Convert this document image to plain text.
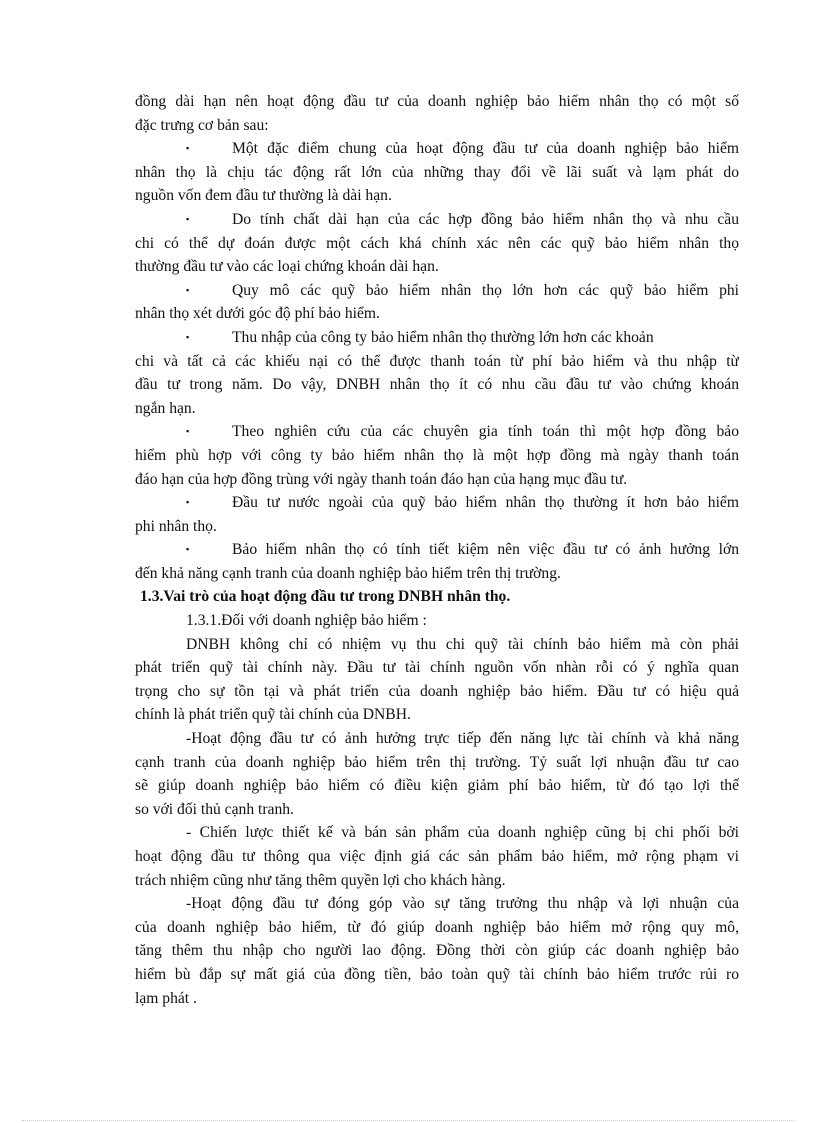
đồng dài hạn nên hoạt động đầu tư của doanh nghiệp bảo hiểm nhân thọ có một số
đặc trưng cơ bản sau:
▪	Một đặc điểm chung của hoạt động đầu tư của doanh nghiệp bảo hiểm
nhân thọ là chịu tác động rất lớn của những thay đổi về lãi suất và lạm phát do
nguồn vốn đem đầu tư thường là dài hạn.
▪	Do tính chất dài hạn của các hợp đồng bảo hiểm nhân thọ và nhu cầu
chi có thể dự đoán được một cách khá chính xác nên các quỹ bảo hiểm nhân thọ
thường đầu tư vào các loại chứng khoán dài hạn.
▪	Quy mô các quỹ bảo hiểm nhân thọ lớn hơn các quỹ bảo hiểm phi
nhân thọ xét dưới góc độ phí bảo hiểm.
▪	Thu nhập của công ty bảo hiểm nhân thọ thường lớn hơn các khoản
chi và tất cả các khiếu nại có thể được thanh toán từ phí bảo hiểm và thu nhập từ
đầu tư trong năm. Do vậy, DNBH nhân thọ ít có nhu cầu đầu tư vào chứng khoán
ngắn hạn.
▪	Theo nghiên cứu của các chuyên gia tính toán thì một hợp đồng bảo
hiểm phù hợp với công ty bảo hiểm nhân thọ là một hợp đồng mà ngày thanh toán
đáo hạn của hợp đồng trùng với ngày thanh toán đáo hạn của hạng mục đầu tư.
▪	Đầu tư nước ngoài của quỹ bảo hiểm nhân thọ thường ít hơn bảo hiểm
phi nhân thọ.
▪	Bảo hiểm nhân thọ có tính tiết kiệm nên việc đầu tư có ảnh hưởng lớn
đến khả năng cạnh tranh của doanh nghiệp bảo hiểm trên thị trường.
1.3.Vai trò của hoạt động đầu tư trong DNBH nhân thọ.
1.3.1.Đối với doanh nghiệp bảo hiểm :
DNBH không chỉ có nhiệm vụ thu chi quỹ tài chính bảo hiểm mà còn phải
phát triển quỹ tài chính này. Đầu tư tài chính nguồn vốn nhàn rỗi có ý nghĩa quan
trọng cho sự tồn tại và phát triển của doanh nghiệp bảo hiểm. Đầu tư có hiệu quả
chính là phát triển quỹ tài chính của DNBH.
-Hoạt động đầu tư có ảnh hưởng trực tiếp đến năng lực tài chính và khả năng
cạnh tranh của doanh nghiệp bảo hiểm trên thị trường. Tỷ suất lợi nhuận đầu tư cao
sẽ giúp doanh nghiệp bảo hiểm có điều kiện giảm phí bảo hiểm, từ đó tạo lợi thế
so với đối thủ cạnh tranh.
- Chiến lược thiết kế và bán sản phẩm của doanh nghiệp cũng bị chi phối bởi
hoạt động đầu tư thông qua việc định giá các sản phẩm bảo hiểm, mở rộng phạm vi
trách nhiệm cũng như tăng thêm quyền lợi cho khách hàng.
-Hoạt động đầu tư đóng góp vào sự tăng trưởng thu nhập và lợi nhuận của
của doanh nghiệp bảo hiểm, từ đó giúp doanh nghiệp bảo hiểm mở rộng quy mô,
tăng thêm thu nhập cho người lao động. Đồng thời còn giúp các doanh nghiệp bảo
hiểm bù đắp sự mất giá của đồng tiền, bảo toàn quỹ tài chính bảo hiểm trước rủi ro
lạm phát .
